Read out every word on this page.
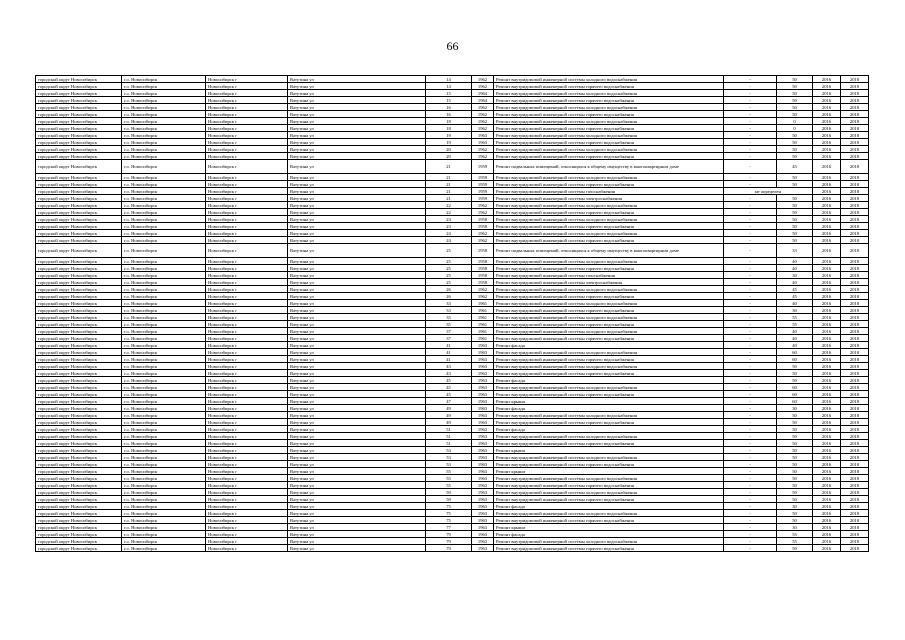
66
городской округ Новосибирск	г.о. Новосибирск	Новосибирск г	Ватутина ул	14	1962	Ремонт внутридомовой инженерной системы холодного водоснабжения	-	50	2016	2018
городской округ Новосибирск	г.о. Новосибирск	Новосибирск г	Ватутина ул	14	1962	Ремонт внутридомовой инженерной системы горячего водоснабжения	-	50	2016	2018
городской округ Новосибирск	г.о. Новосибирск	Новосибирск г	Ватутина ул	15	1964	Ремонт внутридомовой инженерной системы холодного водоснабжения	-	50	2016	2018
городской округ Новосибирск	г.о. Новосибирск	Новосибирск г	Ватутина ул	15	1964	Ремонт внутридомовой инженерной системы горячего водоснабжения	-	50	2016	2018
городской округ Новосибирск	г.о. Новосибирск	Новосибирск г	Ватутина ул	16	1962	Ремонт внутридомовой инженерной системы холодного водоснабжения	-	50	2016	2018
городской округ Новосибирск	г.о. Новосибирск	Новосибирск г	Ватутина ул	16	1962	Ремонт внутридомовой инженерной системы горячего водоснабжения	-	50	2016	2018
городской округ Новосибирск	г.о. Новосибирск	Новосибирск г	Ватутина ул	18	1962	Ремонт внутридомовой инженерной системы холодного водоснабжения	-	0	2016	2018
городской округ Новосибирск	г.о. Новосибирск	Новосибирск г	Ватутина ул	18	1962	Ремонт внутридомовой инженерной системы горячего водоснабжения	-	0	2016	2018
городской округ Новосибирск	г.о. Новосибирск	Новосибирск г	Ватутина ул	19	1963	Ремонт внутридомовой инженерной системы холодного водоснабжения	-	50	2016	2018
городской округ Новосибирск	г.о. Новосибирск	Новосибирск г	Ватутина ул	19	1963	Ремонт внутридомовой инженерной системы горячего водоснабжения	-	50	2016	2018
городской округ Новосибирск	г.о. Новосибирск	Новосибирск г	Ватутина ул	20	1962	Ремонт внутридомовой инженерной системы холодного водоснабжения	-	50	2016	2018
городской округ Новосибирск	г.о. Новосибирск	Новосибирск г	Ватутина ул	20	1962	Ремонт внутридомовой инженерной системы горячего водоснабжения	-	50	2016	2018
городской округ Новосибирск	г.о. Новосибирск	Новосибирск г	Ватутина ул	21	1959	Ремонт подвальных помещений, относящихся к общему имуществу в многоквартирном доме	-	45	2016	2018
городской округ Новосибирск	г.о. Новосибирск	Новосибирск г	Ватутина ул	21	1959	Ремонт внутридомовой инженерной системы холодного водоснабжения	-	50	2016	2018
городской округ Новосибирск	г.о. Новосибирск	Новосибирск г	Ватутина ул	21	1959	Ремонт внутридомовой инженерной системы горячего водоснабжения	-	50	2016	2018
городской округ Новосибирск	г.о. Новосибирск	Новосибирск г	Ватутина ул	21	1959	Ремонт внутридомовой инженерной системы газоснабжения	не определен		2016	2018
городской округ Новосибирск	г.о. Новосибирск	Новосибирск г	Ватутина ул	21	1959	Ремонт внутридомовой инженерной системы электроснабжения	-	50	2016	2018
городской округ Новосибирск	г.о. Новосибирск	Новосибирск г	Ватутина ул	22	1962	Ремонт внутридомовой инженерной системы холодного водоснабжения	-	50	2016	2018
городской округ Новосибирск	г.о. Новосибирск	Новосибирск г	Ватутина ул	22	1962	Ремонт внутридомовой инженерной системы горячего водоснабжения	-	50	2016	2018
городской округ Новосибирск	г.о. Новосибирск	Новосибирск г	Ватутина ул	23	1958	Ремонт внутридомовой инженерной системы холодного водоснабжения	-	50	2016	2018
городской округ Новосибирск	г.о. Новосибирск	Новосибирск г	Ватутина ул	23	1958	Ремонт внутридомовой инженерной системы горячего водоснабжения	-	50	2016	2018
городской округ Новосибирск	г.о. Новосибирск	Новосибирск г	Ватутина ул	24	1962	Ремонт внутридомовой инженерной системы холодного водоснабжения	-	50	2016	2018
городской округ Новосибирск	г.о. Новосибирск	Новосибирск г	Ватутина ул	24	1962	Ремонт внутридомовой инженерной системы горячего водоснабжения	-	50	2016	2018
городской округ Новосибирск	г.о. Новосибирск	Новосибирск г	Ватутина ул	25	1958	Ремонт подвальных помещений, относящихся к общему имуществу в многоквартирном доме	-	33	2016	2018
городской округ Новосибирск	г.о. Новосибирск	Новосибирск г	Ватутина ул	25	1958	Ремонт внутридомовой инженерной системы холодного водоснабжения	-	40	2016	2018
городской округ Новосибирск	г.о. Новосибирск	Новосибирск г	Ватутина ул	25	1958	Ремонт внутридомовой инженерной системы горячего водоснабжения	-	40	2016	2018
городской округ Новосибирск	г.о. Новосибирск	Новосибирск г	Ватутина ул	25	1958	Ремонт внутридомовой инженерной системы газоснабжения	-	30	2016	2018
городской округ Новосибирск	г.о. Новосибирск	Новосибирск г	Ватутина ул	25	1958	Ремонт внутридомовой инженерной системы электроснабжения	-	40	2016	2018
городской округ Новосибирск	г.о. Новосибирск	Новосибирск г	Ватутина ул	26	1962	Ремонт внутридомовой инженерной системы холодного водоснабжения	-	45	2016	2018
городской округ Новосибирск	г.о. Новосибирск	Новосибирск г	Ватутина ул	26	1962	Ремонт внутридомовой инженерной системы горячего водоснабжения	-	45	2016	2018
городской округ Новосибирск	г.о. Новосибирск	Новосибирск г	Ватутина ул	33	1961	Ремонт внутридомовой инженерной системы холодного водоснабжения	-	40	2016	2018
городской округ Новосибирск	г.о. Новосибирск	Новосибирск г	Ватутина ул	33	1961	Ремонт внутридомовой инженерной системы горячего водоснабжения	-	30	2016	2018
городской округ Новосибирск	г.о. Новосибирск	Новосибирск г	Ватутина ул	35	1961	Ремонт внутридомовой инженерной системы холодного водоснабжения	-	55	2016	2018
городской округ Новосибирск	г.о. Новосибирск	Новосибирск г	Ватутина ул	35	1961	Ремонт внутридомовой инженерной системы горячего водоснабжения	-	55	2016	2018
городской округ Новосибирск	г.о. Новосибирск	Новосибирск г	Ватутина ул	37	1961	Ремонт внутридомовой инженерной системы холодного водоснабжения	-	40	2016	2018
городской округ Новосибирск	г.о. Новосибирск	Новосибирск г	Ватутина ул	37	1961	Ремонт внутридомовой инженерной системы горячего водоснабжения	-	40	2016	2018
городской округ Новосибирск	г.о. Новосибирск	Новосибирск г	Ватутина ул	41	1963	Ремонт фасада	-	40	2016	2018
городской округ Новосибирск	г.о. Новосибирск	Новосибирск г	Ватутина ул	41	1963	Ремонт внутридомовой инженерной системы холодного водоснабжения	-	60	2016	2018
городской округ Новосибирск	г.о. Новосибирск	Новосибирск г	Ватутина ул	41	1963	Ремонт внутридомовой инженерной системы горячего водоснабжения	-	60	2016	2018
городской округ Новосибирск	г.о. Новосибирск	Новосибирск г	Ватутина ул	43	1963	Ремонт внутридомовой инженерной системы холодного водоснабжения	-	50	2016	2018
городской округ Новосибирск	г.о. Новосибирск	Новосибирск г	Ватутина ул	43	1963	Ремонт внутридомовой инженерной системы горячего водоснабжения	-	50	2016	2018
городской округ Новосибирск	г.о. Новосибирск	Новосибирск г	Ватутина ул	45	1963	Ремонт фасада	-	50	2016	2018
городской округ Новосибирск	г.о. Новосибирск	Новосибирск г	Ватутина ул	45	1963	Ремонт внутридомовой инженерной системы холодного водоснабжения	-	60	2016	2018
городской округ Новосибирск	г.о. Новосибирск	Новосибирск г	Ватутина ул	45	1963	Ремонт внутридомовой инженерной системы горячего водоснабжения	-	60	2016	2018
городской округ Новосибирск	г.о. Новосибирск	Новосибирск г	Ватутина ул	47	1963	Ремонт крыши	-	60	2016	2018
городской округ Новосибирск	г.о. Новосибирск	Новосибирск г	Ватутина ул	49	1963	Ремонт фасада	-	30	2016	2018
городской округ Новосибирск	г.о. Новосибирск	Новосибирск г	Ватутина ул	49	1963	Ремонт внутридомовой инженерной системы холодного водоснабжения	-	50	2016	2018
городской округ Новосибирск	г.о. Новосибирск	Новосибирск г	Ватутина ул	49	1963	Ремонт внутридомовой инженерной системы горячего водоснабжения	-	50	2016	2018
городской округ Новосибирск	г.о. Новосибирск	Новосибирск г	Ватутина ул	51	1963	Ремонт фасада	-	50	2016	2018
городской округ Новосибирск	г.о. Новосибирск	Новосибирск г	Ватутина ул	51	1963	Ремонт внутридомовой инженерной системы холодного водоснабжения	-	50	2016	2018
городской округ Новосибирск	г.о. Новосибирск	Новосибирск г	Ватутина ул	51	1963	Ремонт внутридомовой инженерной системы горячего водоснабжения	-	50	2016	2018
городской округ Новосибирск	г.о. Новосибирск	Новосибирск г	Ватутина ул	53	1963	Ремонт крыши	-	50	2016	2018
городской округ Новосибирск	г.о. Новосибирск	Новосибирск г	Ватутина ул	53	1963	Ремонт внутридомовой инженерной системы холодного водоснабжения	-	50	2016	2018
городской округ Новосибирск	г.о. Новосибирск	Новосибирск г	Ватутина ул	53	1963	Ремонт внутридомовой инженерной системы горячего водоснабжения	-	50	2016	2018
городской округ Новосибирск	г.о. Новосибирск	Новосибирск г	Ватутина ул	55	1963	Ремонт крыши	-	50	2016	2018
городской округ Новосибирск	г.о. Новосибирск	Новосибирск г	Ватутина ул	55	1963	Ремонт внутридомовой инженерной системы холодного водоснабжения	-	50	2016	2018
городской округ Новосибирск	г.о. Новосибирск	Новосибирск г	Ватутина ул	55	1963	Ремонт внутридомовой инженерной системы горячего водоснабжения	-	50	2016	2018
городской округ Новосибирск	г.о. Новосибирск	Новосибирск г	Ватутина ул	59	1963	Ремонт внутридомовой инженерной системы холодного водоснабжения	-	50	2016	2018
городской округ Новосибирск	г.о. Новосибирск	Новосибирск г	Ватутина ул	59	1963	Ремонт внутридомовой инженерной системы горячего водоснабжения	-	50	2016	2018
городской округ Новосибирск	г.о. Новосибирск	Новосибирск г	Ватутина ул	75	1963	Ремонт фасада	-	30	2016	2018
городской округ Новосибирск	г.о. Новосибирск	Новосибирск г	Ватутина ул	75	1963	Ремонт внутридомовой инженерной системы холодного водоснабжения	-	50	2016	2018
городской округ Новосибирск	г.о. Новосибирск	Новосибирск г	Ватутина ул	75	1963	Ремонт внутридомовой инженерной системы горячего водоснабжения	-	50	2016	2018
городской округ Новосибирск	г.о. Новосибирск	Новосибирск г	Ватутина ул	77	1963	Ремонт крыши	-	30	2016	2018
городской округ Новосибирск	г.о. Новосибирск	Новосибирск г	Ватутина ул	79	1963	Ремонт фасада	-	55	2016	2018
городской округ Новосибирск	г.о. Новосибирск	Новосибирск г	Ватутина ул	79	1963	Ремонт внутридомовой инженерной системы холодного водоснабжения	-	55	2016	2018
городской округ Новосибирск	г.о. Новосибирск	Новосибирск г	Ватутина ул	79	1963	Ремонт внутридомовой инженерной системы горячего водоснабжения	-	50	2016	2018
